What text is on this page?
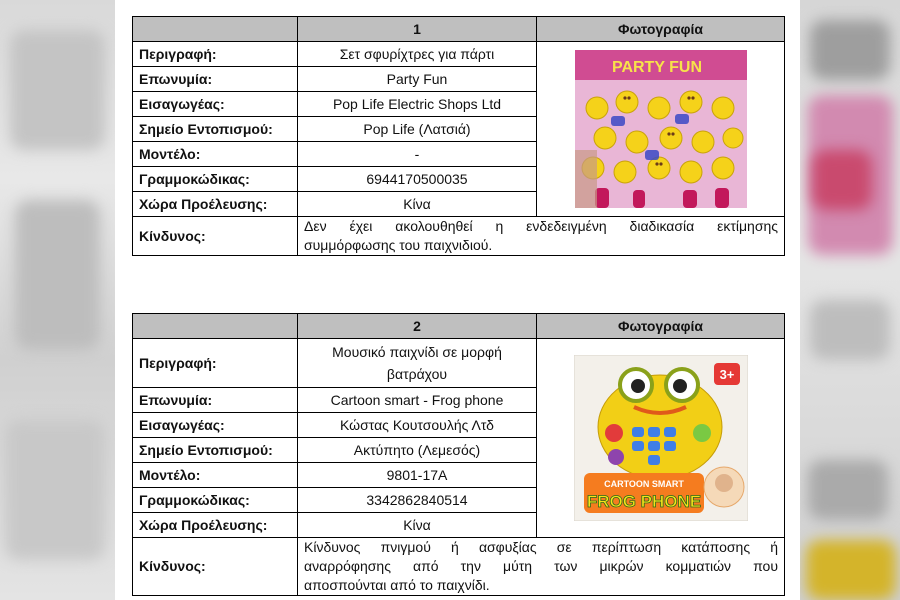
	1	Φωτογραφία
Περιγραφή:	Σετ σφυρίχτρες για πάρτι	PARTY FUN

Επωνυμία:	Party Fun	
Εισαγωγέας:	Pop Life Electric Shops Ltd	
Σημείο Εντοπισμού:	Pop Life (Λατσιά)	
Μοντέλο:	-	
Γραμμοκώδικας:	6944170500035	
Χώρα Προέλευσης:	Κίνα	
Κίνδυνος:	Δεν έχει ακολουθηθεί η ενδεδειγμένη διαδικασία εκτίμησης
συμμόρφωσης του παιχνιδιού.	
	2	Φωτογραφία
Περιγραφή:	Μουσικό παιχνίδι σε μορφή
βατράχου	3+
CARTOON SMART
FROG PHONE

Επωνυμία:	Cartoon smart - Frog phone	
Εισαγωγέας:	Κώστας Κουτσουλής Λτδ	
Σημείο Εντοπισμού:	Ακτύπητο (Λεμεσός)	
Μοντέλο:	9801-17A	
Γραμμοκώδικας:	3342862840514	
Χώρα Προέλευσης:	Κίνα	
Κίνδυνος:	Κίνδυνος πνιγμού ή ασφυξίας σε περίπτωση κατάποσης ή
αναρρόφησης από την μύτη των μικρών κομματιών που
αποσπούνται από το παιχνίδι.	
